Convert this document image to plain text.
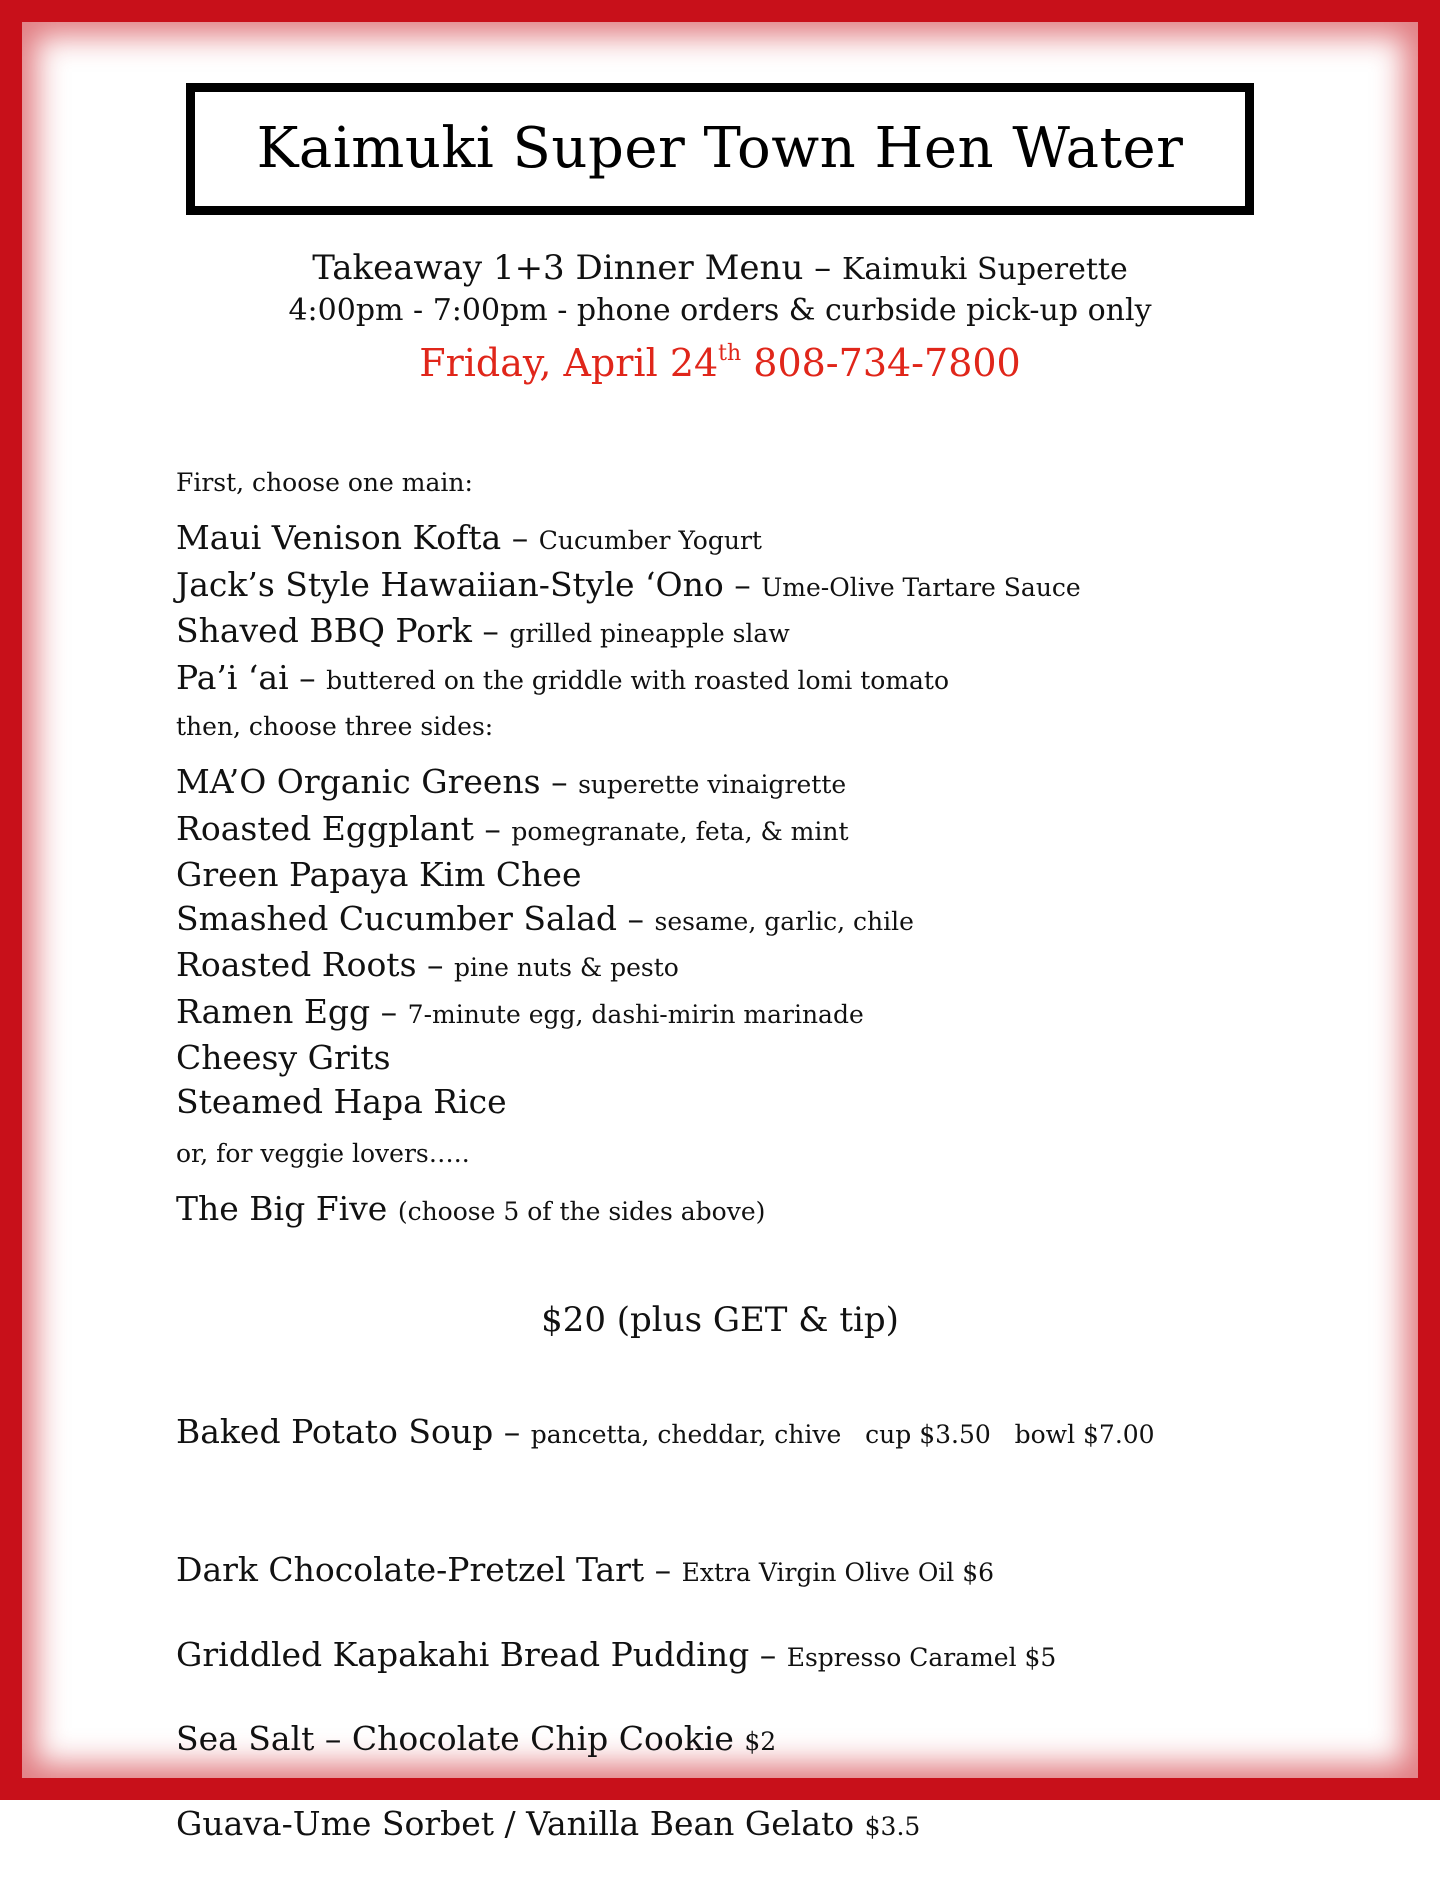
Kaimuki Super Town Hen Water
Takeaway 1+3 Dinner Menu – Kaimuki Superette
4:00pm - 7:00pm - phone orders & curbside pick-up only
Friday, April 24th 808-734-7800
First, choose one main:
Maui Venison Kofta – Cucumber Yogurt
Jack’s Style Hawaiian-Style ‘Ono – Ume-Olive Tartare Sauce
Shaved BBQ Pork – grilled pineapple slaw
Pa’i ‘ai – buttered on the griddle with roasted lomi tomato
then, choose three sides:
MA’O Organic Greens – superette vinaigrette
Roasted Eggplant – pomegranate, feta, & mint
Green Papaya Kim Chee
Smashed Cucumber Salad – sesame, garlic, chile
Roasted Roots – pine nuts & pesto
Ramen Egg – 7-minute egg, dashi-mirin marinade
Cheesy Grits
Steamed Hapa Rice
or, for veggie lovers…..
The Big Five (choose 5 of the sides above)
$20 (plus GET & tip)
Baked Potato Soup – pancetta, cheddar, chive   cup $3.50   bowl $7.00

Dark Chocolate-Pretzel Tart – Extra Virgin Olive Oil $6

Griddled Kapakahi Bread Pudding – Espresso Caramel $5

Sea Salt – Chocolate Chip Cookie $2

Guava-Ume Sorbet / Vanilla Bean Gelato $3.5
